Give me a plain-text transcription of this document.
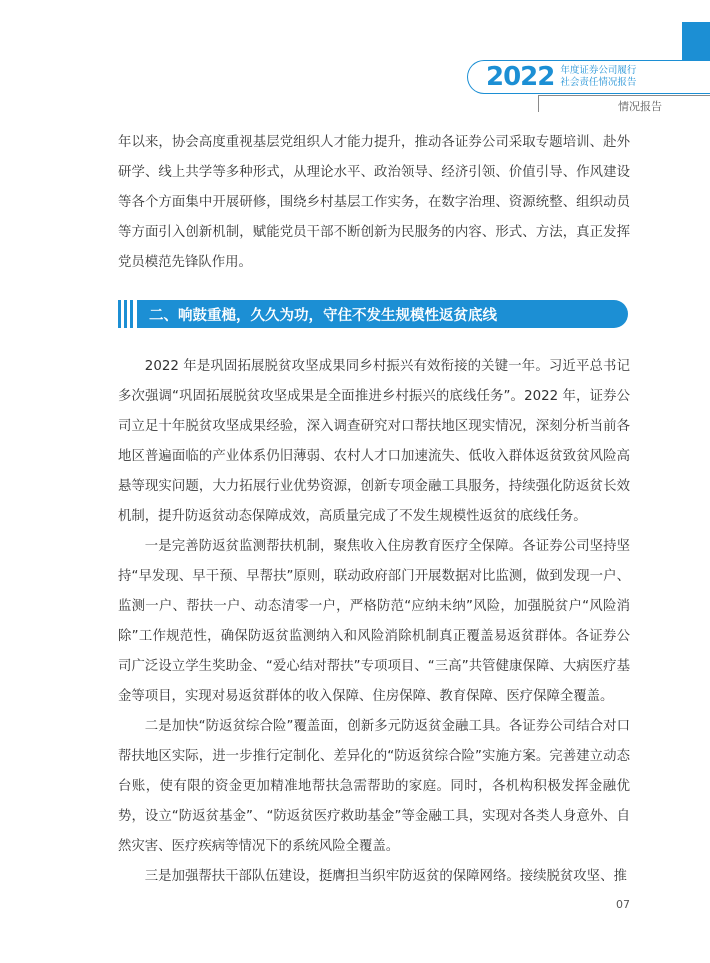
2022 年度证券公司履行
社会责任情况报告
情况报告
年以来，协会高度重视基层党组织人才能力提升，推动各证券公司采取专题培训、赴外研学、线上共学等多种形式，从理论水平、政治领导、经济引领、价值引导、作风建设等各个方面集中开展研修，围绕乡村基层工作实务，在数字治理、资源统整、组织动员等方面引入创新机制，赋能党员干部不断创新为民服务的内容、形式、方法，真正发挥党员模范先锋队作用。
二、响鼓重槌，久久为功，守住不发生规模性返贫底线
2022 年是巩固拓展脱贫攻坚成果同乡村振兴有效衔接的关键一年。习近平总书记多次强调“巩固拓展脱贫攻坚成果是全面推进乡村振兴的底线任务”。2022 年，证券公司立足十年脱贫攻坚成果经验，深入调查研究对口帮扶地区现实情况，深刻分析当前各地区普遍面临的产业体系仍旧薄弱、农村人才口加速流失、低收入群体返贫致贫风险高悬等现实问题，大力拓展行业优势资源，创新专项金融工具服务，持续强化防返贫长效机制，提升防返贫动态保障成效，高质量完成了不发生规模性返贫的底线任务。
一是完善防返贫监测帮扶机制，聚焦收入住房教育医疗全保障。各证券公司坚持坚持“早发现、早干预、早帮扶”原则，联动政府部门开展数据对比监测，做到发现一户、监测一户、帮扶一户、动态清零一户，严格防范“应纳未纳”风险，加强脱贫户“风险消除”工作规范性，确保防返贫监测纳入和风险消除机制真正覆盖易返贫群体。各证券公司广泛设立学生奖助金、“爱心结对帮扶”专项项目、“三高”共管健康保障、大病医疗基金等项目，实现对易返贫群体的收入保障、住房保障、教育保障、医疗保障全覆盖。
二是加快“防返贫综合险”覆盖面，创新多元防返贫金融工具。各证券公司结合对口帮扶地区实际，进一步推行定制化、差异化的“防返贫综合险”实施方案。完善建立动态台账，使有限的资金更加精准地帮扶急需帮助的家庭。同时，各机构积极发挥金融优势，设立“防返贫基金”、“防返贫医疗救助基金”等金融工具，实现对各类人身意外、自然灾害、医疗疾病等情况下的系统风险全覆盖。
三是加强帮扶干部队伍建设，挺膺担当织牢防返贫的保障网络。接续脱贫攻坚、推
07
